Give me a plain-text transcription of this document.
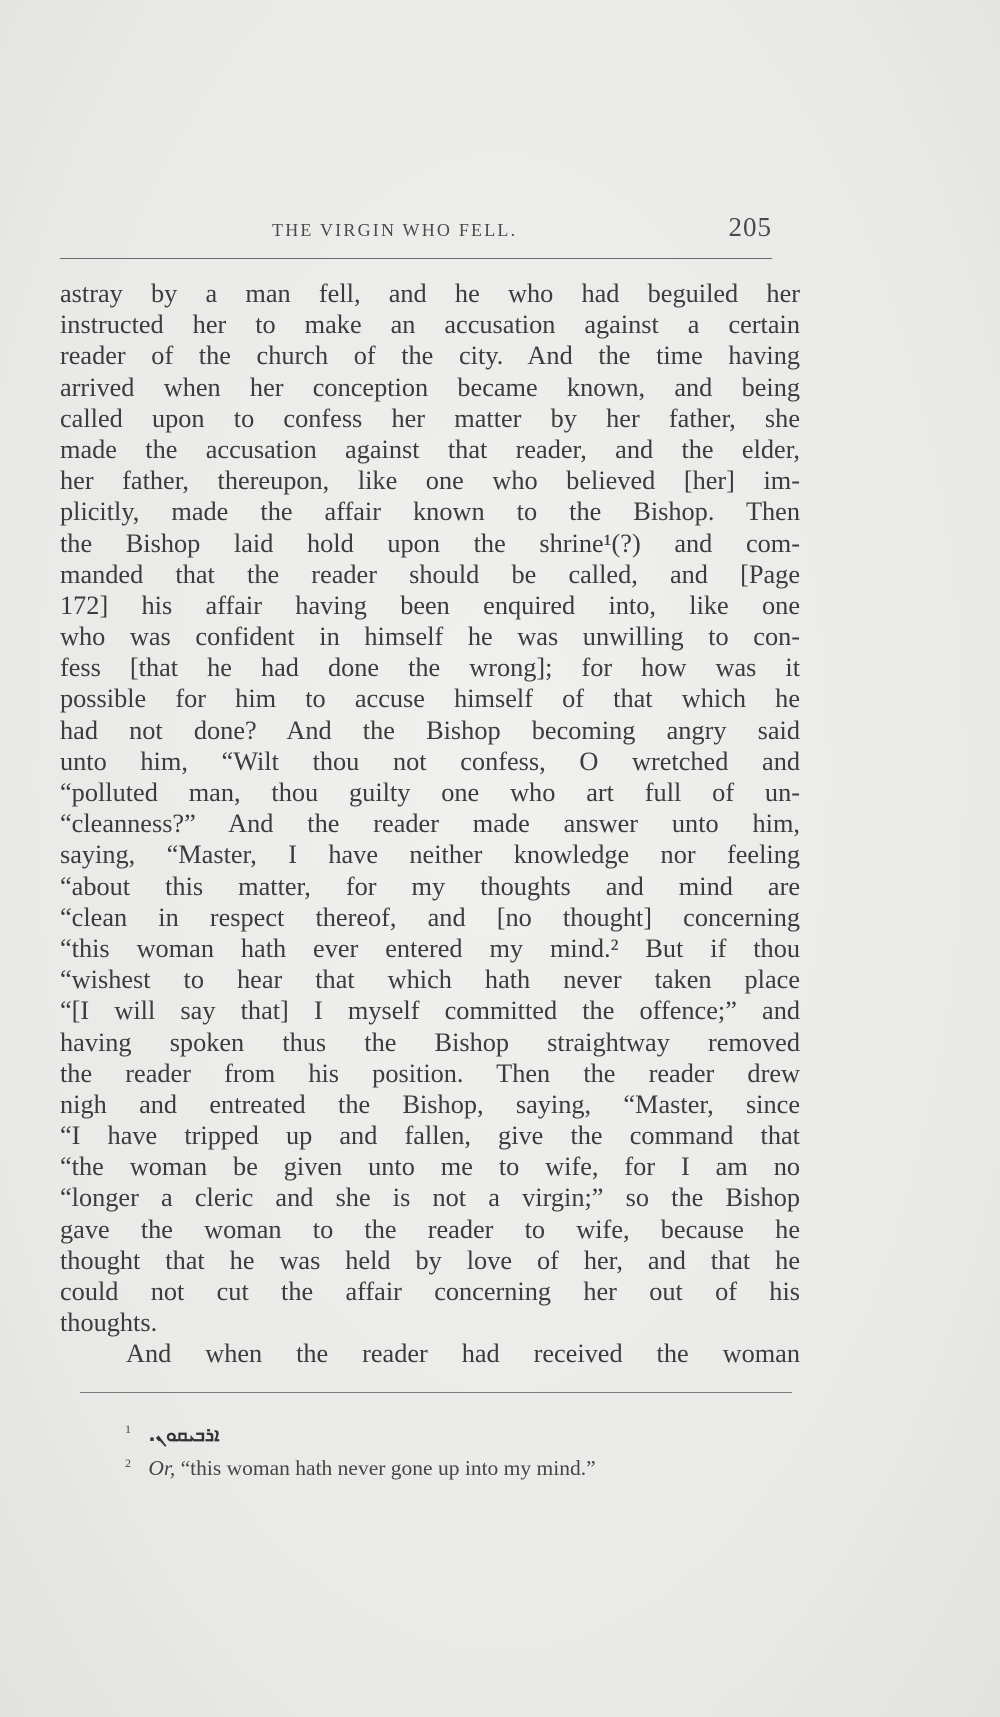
THE VIRGIN WHO FELL.	205
astray by a man fell, and he who had beguiled her
instructed her to make an accusation against a certain
reader of the church of the city. And the time having
arrived when her conception became known, and being
called upon to confess her matter by her father, she
made the accusation against that reader, and the elder,
her father, thereupon, like one who believed [her] im-
plicitly, made the affair known to the Bishop. Then
the Bishop laid hold upon the shrine¹(?) and com-
manded that the reader should be called, and [Page
172] his affair having been enquired into, like one
who was confident in himself he was unwilling to con-
fess [that he had done the wrong]; for how was it
possible for him to accuse himself of that which he
had not done? And the Bishop becoming angry said
unto him, “Wilt thou not confess, O wretched and
“polluted man, thou guilty one who art full of un-
“cleanness?” And the reader made answer unto him,
saying, “Master, I have neither knowledge nor feeling
“about this matter, for my thoughts and mind are
“clean in respect thereof, and [no thought] concerning
“this woman hath ever entered my mind.² But if thou
“wishest to hear that which hath never taken place
“[I will say that] I myself committed the offence;” and
having spoken thus the Bishop straightway removed
the reader from his position. Then the reader drew
nigh and entreated the Bishop, saying, “Master, since
“I have tripped up and fallen, give the command that
“the woman be given unto me to wife, for I am no
“longer a cleric and she is not a virgin;” so the Bishop
gave the woman to the reader to wife, because he
thought that he was held by love of her, and that he
could not cut the affair concerning her out of his
thoughts.
And when the reader had received the woman
$^1$ ܐܪܒܝܩܘܢ.
$^2$ Or, “this woman hath never gone up into my mind.”
